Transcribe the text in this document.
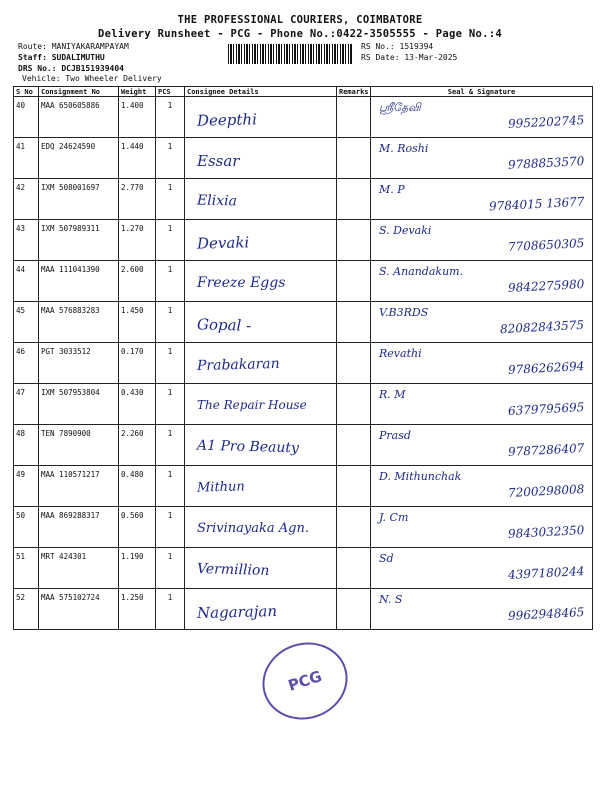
THE PROFESSIONAL COURIERS, COIMBATORE
Delivery Runsheet - PCG - Phone No.:0422-3505555 - Page No.:4
Route: MANIYAKARAMPAYAM
Staff: SUDALIMUTHU
DRS No.: DCJB151939404
Vehicle: Two Wheeler Delivery
RS No.: 1519394
RS Date: 13-Mar-2025
S No	Consignment No	Weight	PCS	Consignee Details	Remarks	Seal & Signature
40	MAA 650605886	1.400	1	Deepthi		ஸ்ரீதேவி
9952202745

41	EDQ 24624590	1.440	1	Essar		M. Roshi
9788853570

42	IXM 508001697	2.770	1	Elixia		M. P
9784015 13677

43	IXM 507989311	1.270	1	Devaki		S. Devaki
7708650305

44	MAA 111041390	2.600	1	Freeze Eggs		S. Anandakum.
9842275980

45	MAA 576883283	1.450	1	Gopal -		V.B3RDS
82082843575

46	PGT 3033512	0.170	1	Prabakaran		Revathi
9786262694

47	IXM 507953804	0.430	1	The Repair House		R. M
6379795695

48	TEN 7890900	2.260	1	A1 Pro Beauty		Prasd
9787286407

49	MAA 110571217	0.480	1	Mithun		D. Mithunchak
7200298008

50	MAA 869288317	0.560	1	Srivinayaka Agn.		J. Cm
9843032350

51	MRT 424301	1.190	1	Vermillion		Sd
4397180244

52	MAA 575102724	1.250	1	Nagarajan		N. S
9962948465
PCG
